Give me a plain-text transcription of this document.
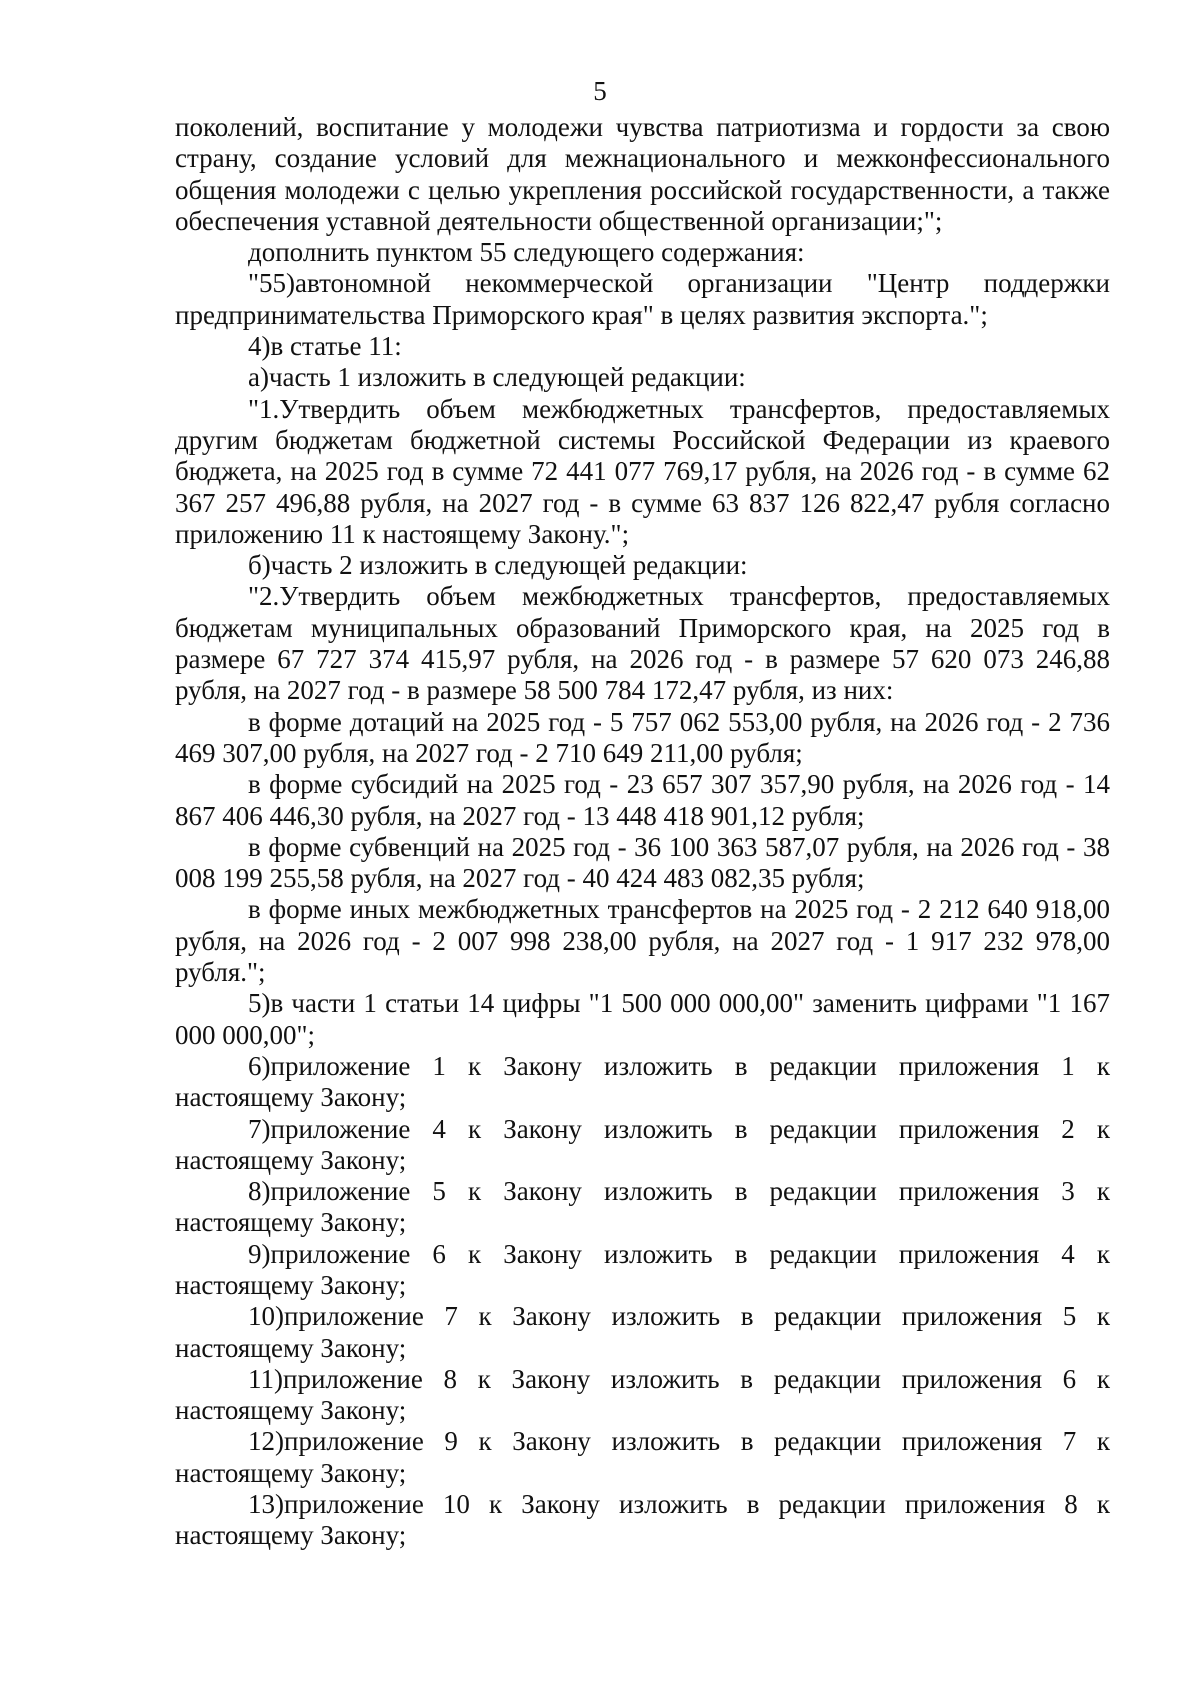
5

поколений, воспитание у молодежи чувства патриотизма и гордости за свою страну, создание условий для межнационального и межконфессионального общения молодежи с целью укрепления российской государственности, а также обеспечения уставной деятельности общественной организации;";

дополнить пунктом 55 следующего содержания:

"55)автономной некоммерческой организации "Центр поддержки предпринимательства Приморского края" в целях развития экспорта.";

4)в статье 11:

а)часть 1 изложить в следующей редакции:

"1.Утвердить объем межбюджетных трансфертов, предоставляемых другим бюджетам бюджетной системы Российской Федерации из краевого бюджета, на 2025 год в сумме 72 441 077 769,17 рубля, на 2026 год - в сумме 62 367 257 496,88 рубля, на 2027 год - в сумме 63 837 126 822,47 рубля согласно приложению 11 к настоящему Закону.";

б)часть 2 изложить в следующей редакции:

"2.Утвердить объем межбюджетных трансфертов, предоставляемых бюджетам муниципальных образований Приморского края, на 2025 год в размере 67 727 374 415,97 рубля, на 2026 год - в размере 57 620 073 246,88 рубля, на 2027 год - в размере 58 500 784 172,47 рубля, из них:

в форме дотаций на 2025 год - 5 757 062 553,00 рубля, на 2026 год - 2 736 469 307,00 рубля, на 2027 год - 2 710 649 211,00 рубля;

в форме субсидий на 2025 год - 23 657 307 357,90 рубля, на 2026 год - 14 867 406 446,30 рубля, на 2027 год - 13 448 418 901,12 рубля;

в форме субвенций на 2025 год - 36 100 363 587,07 рубля, на 2026 год - 38 008 199 255,58 рубля, на 2027 год - 40 424 483 082,35 рубля;

в форме иных межбюджетных трансфертов на 2025 год - 2 212 640 918,00 рубля, на 2026 год - 2 007 998 238,00 рубля, на 2027 год - 1 917 232 978,00 рубля.";

5)в части 1 статьи 14 цифры "1 500 000 000,00" заменить цифрами "1 167 000 000,00";

6)приложение 1 к Закону изложить в редакции приложения 1 к настоящему Закону;

7)приложение 4 к Закону изложить в редакции приложения 2 к настоящему Закону;

8)приложение 5 к Закону изложить в редакции приложения 3 к настоящему Закону;

9)приложение 6 к Закону изложить в редакции приложения 4 к настоящему Закону;

10)приложение 7 к Закону изложить в редакции приложения 5 к настоящему Закону;

11)приложение 8 к Закону изложить в редакции приложения 6 к настоящему Закону;

12)приложение 9 к Закону изложить в редакции приложения 7 к настоящему Закону;

13)приложение 10 к Закону изложить в редакции приложения 8 к настоящему Закону;
